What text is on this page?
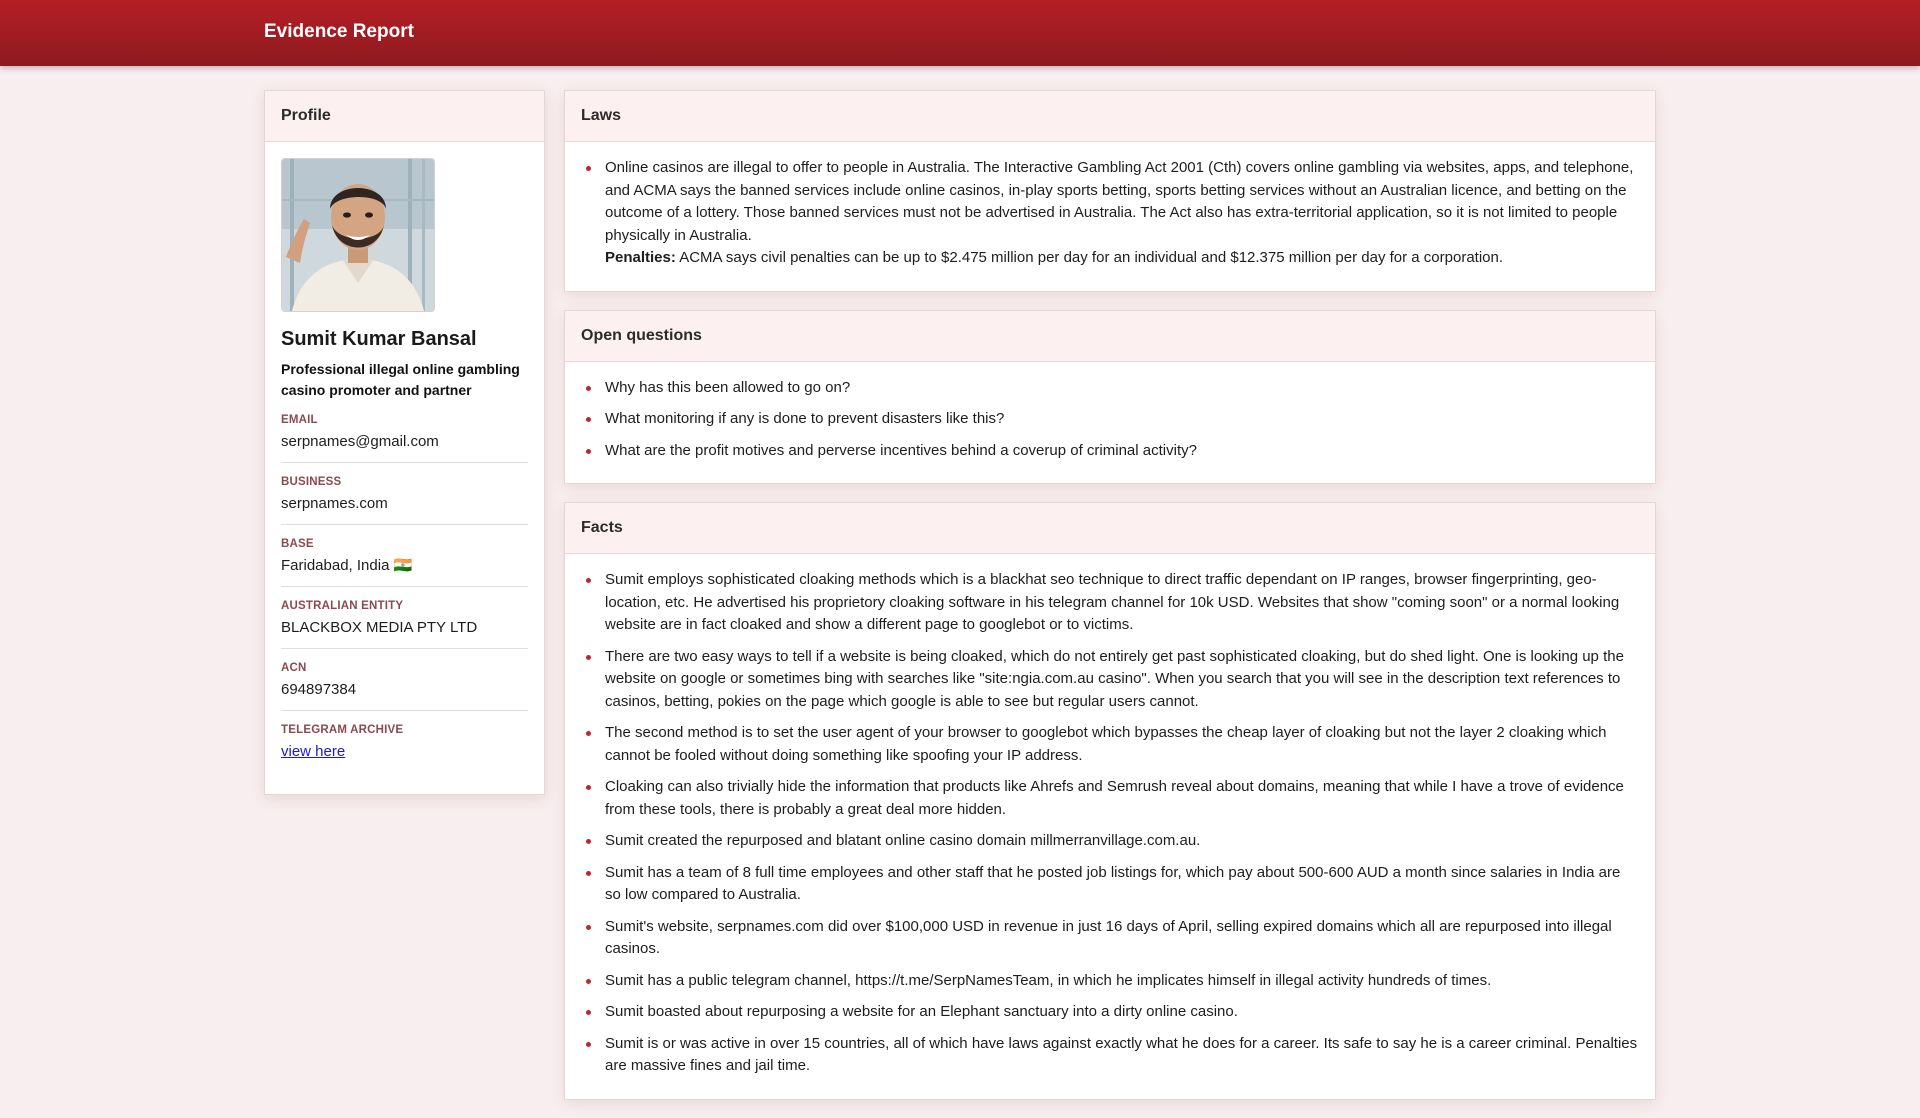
Evidence Report
Profile
Sumit Kumar Bansal
Professional illegal online gambling casino promoter and partner
EMAIL
serpnames@gmail.com
BUSINESS
serpnames.com
BASE
Faridabad, India 🇮🇳
AUSTRALIAN ENTITY
BLACKBOX MEDIA PTY LTD
ACN
694897384
TELEGRAM ARCHIVE
view here
Laws
Online casinos are illegal to offer to people in Australia. The Interactive Gambling Act 2001 (Cth) covers online gambling via websites, apps, and telephone, and ACMA says the banned services include online casinos, in-play sports betting, sports betting services without an Australian licence, and betting on the outcome of a lottery. Those banned services must not be advertised in Australia. The Act also has extra-territorial application, so it is not limited to people physically in Australia.
Penalties: ACMA says civil penalties can be up to $2.475 million per day for an individual and $12.375 million per day for a corporation.
Open questions
Why has this been allowed to go on?
What monitoring if any is done to prevent disasters like this?
What are the profit motives and perverse incentives behind a coverup of criminal activity?
Facts
Sumit employs sophisticated cloaking methods which is a blackhat seo technique to direct traffic dependant on IP ranges, browser fingerprinting, geo-location, etc. He advertised his proprietory cloaking software in his telegram channel for 10k USD. Websites that show "coming soon" or a normal looking website are in fact cloaked and show a different page to googlebot or to victims.
There are two easy ways to tell if a website is being cloaked, which do not entirely get past sophisticated cloaking, but do shed light. One is looking up the website on google or sometimes bing with searches like "site:ngia.com.au casino". When you search that you will see in the description text references to casinos, betting, pokies on the page which google is able to see but regular users cannot.
The second method is to set the user agent of your browser to googlebot which bypasses the cheap layer of cloaking but not the layer 2 cloaking which cannot be fooled without doing something like spoofing your IP address.
Cloaking can also trivially hide the information that products like Ahrefs and Semrush reveal about domains, meaning that while I have a trove of evidence from these tools, there is probably a great deal more hidden.
Sumit created the repurposed and blatant online casino domain millmerranvillage.com.au.
Sumit has a team of 8 full time employees and other staff that he posted job listings for, which pay about 500-600 AUD a month since salaries in India are so low compared to Australia.
Sumit's website, serpnames.com did over $100,000 USD in revenue in just 16 days of April, selling expired domains which all are repurposed into illegal casinos.
Sumit has a public telegram channel, https://t.me/SerpNamesTeam, in which he implicates himself in illegal activity hundreds of times.
Sumit boasted about repurposing a website for an Elephant sanctuary into a dirty online casino.
Sumit is or was active in over 15 countries, all of which have laws against exactly what he does for a career. Its safe to say he is a career criminal. Penalties are massive fines and jail time.
